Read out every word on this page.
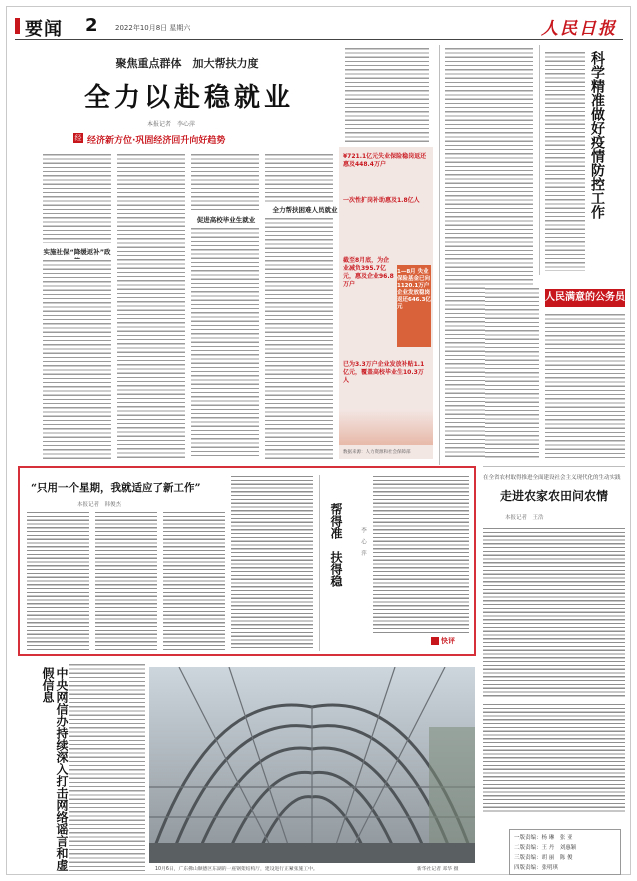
要闻 2 2022年10月8日 星期六	人民日报
聚焦重点群体　加大帮扶力度
全力以赴稳就业
本报记者　李心萍
经 经济新方位·巩固经济回升向好趋势
实施社保“降缓返补”政
促进高校毕业生就业
全力帮扶困难人员就业
¥721.1亿元失业保险稳岗返还惠及448.4万户
一次性扩岗补助惠及1.8亿人
截至8月底，为企业减负395.7亿元，惠及企业96.8万户
1—8月 失业保险基金已向1120.1万户企业发放稳岗返还646.3亿元
已为3.3万户企业发放补贴1.1亿元，覆盖高校毕业生10.3万人
数据来源：人力资源和社会保障部
科学精准做好疫情防控工作
人民满意的公务员
“只用一个星期，我就适应了新工作”
本报记者　韩俊杰	帮得准　扶得稳	李 心 萍
快评
在全省农村取得推进全面建设社会主义现代化的生动实践
走进农家农田问农情
本报记者　王浩
一版责编：杨 琳　张 亚
二版责编：王 丹　刘惠颖
三版责编：胡 丽　陈 俊
四版责编：张明琪
中央网信办持续深入打击网络谣言和虚假信息
10月6日，广东佛山顺德区东湖的一座钢架结构厅，建设进行正紧张施工中。	新华社记者 邓华 摄
